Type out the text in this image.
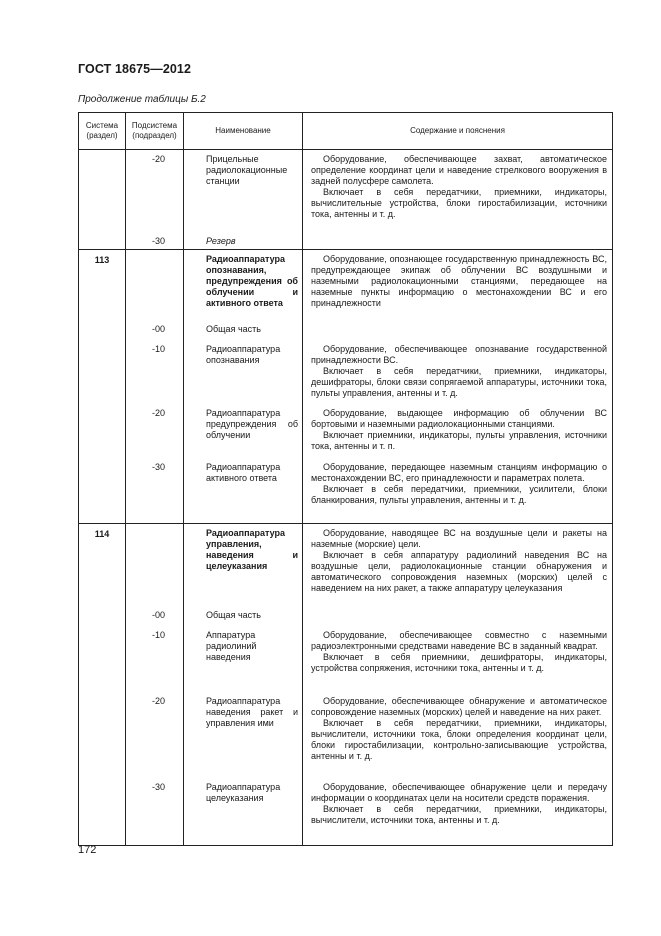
ГОСТ 18675—2012
Продолжение таблицы Б.2
Система (раздел)	Подсистема (подраздел)	Наименование	Содержание и пояснения
	-20	Прицельные радиолокационные станции	Оборудование, обеспечивающее захват, автоматическое определение координат цели и наведение стрелкового вооружения в задней полусфере самолета.

Включает в себя передатчики, приемники, индикаторы, вычислительные устройства, блоки гиростабилизации, источники тока, антенны и т. д.

	-30	Резерв	
113		Радиоаппаратура опознавания, предупреждения об облучении и активного ответа	Оборудование, опознающее государственную принадлежность ВС, предупреждающее экипаж об облучении ВС воздушными и наземными радиолокационными станциями, передающее на наземные пункты информацию о местонахождении ВС и его принадлежности

	-00	Общая часть	
	-10	Радиоаппаратура опознавания	Оборудование, обеспечивающее опознавание государственной принадлежности ВС.

Включает в себя передатчики, приемники, индикаторы, дешифраторы, блоки связи сопрягаемой аппаратуры, источники тока, пульты управления, антенны и т. д.

	-20	Радиоаппаратура предупреждения об облучении	Оборудование, выдающее информацию об облучении ВС бортовыми и наземными радиолокационными станциями.

Включает приемники, индикаторы, пульты управления, источники тока, антенны и т. п.

	-30	Радиоаппаратура активного ответа	Оборудование, передающее наземным станциям информацию о местонахождении ВС, его принадлежности и параметрах полета.

Включает в себя передатчики, приемники, усилители, блоки бланкирования, пульты управления, антенны и т. д.

114		Радиоаппаратура управления, наведения и целеуказания	Оборудование, наводящее ВС на воздушные цели и ракеты на наземные (морские) цели.

Включает в себя аппаратуру радиолиний наведения ВС на воздушные цели, радиолокационные станции обнаружения и автоматического сопровождения наземных (морских) целей с наведением на них ракет, а также аппаратуру целеуказания

	-00	Общая часть	
	-10	Аппаратура радиолиний наведения	Оборудование, обеспечивающее совместно с наземными радиоэлектронными средствами наведение ВС в заданный квадрат.

Включает в себя приемники, дешифраторы, индикаторы, устройства сопряжения, источники тока, антенны и т. д.

	-20	Радиоаппаратура наведения ракет и управления ими	Оборудование, обеспечивающее обнаружение и автоматическое сопровождение наземных (морских) целей и наведение на них ракет.

Включает в себя передатчики, приемники, индикаторы, вычислители, источники тока, блоки определения координат цели, блоки гиростабилизации, контрольно-записывающие устройства, антенны и т. д.

	-30	Радиоаппаратура целеуказания	Оборудование, обеспечивающее обнаружение цели и передачу информации о координатах цели на носители средств поражения.

Включает в себя передатчики, приемники, индикаторы, вычислители, источники тока, антенны и т. д.

172
